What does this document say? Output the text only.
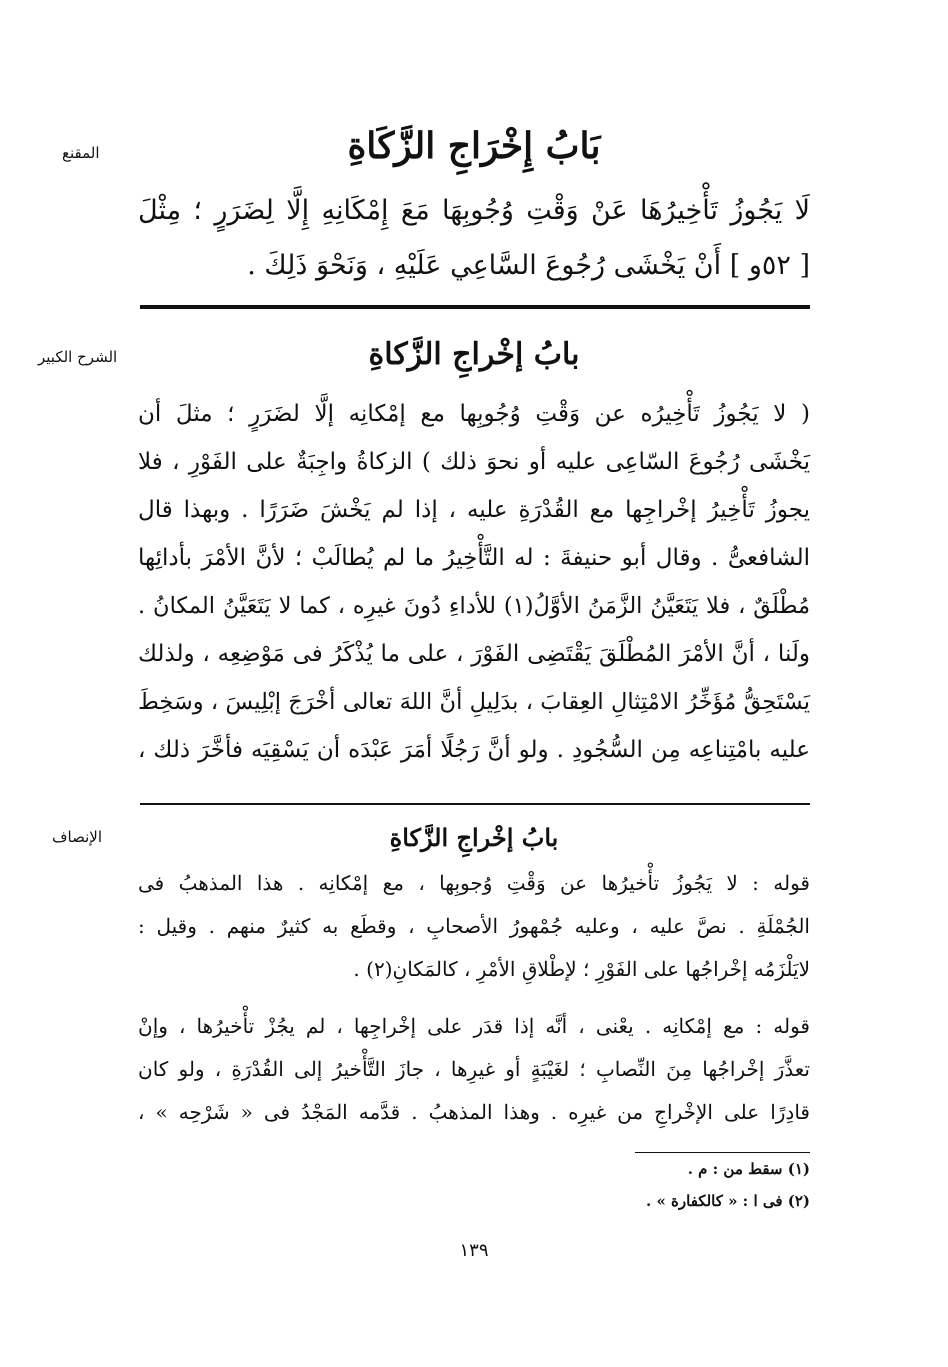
المقنع	بَابُ إِخْرَاجِ الزَّكَاةِ

لَا يَجُوزُ تَأْخِيرُهَا عَنْ وَقْتِ وُجُوبِهَا مَعَ إِمْكَانِهِ إِلَّا لِضَرَرٍ ؛ مِثْلَ

[ ٥٢و ] أَنْ يَخْشَى رُجُوعَ السَّاعِي عَلَيْهِ ، وَنَحْوَ ذَلِكَ .

الشرح الكبير	بابُ إخْراجِ الزَّكاةِ

( لا يَجُوزُ تَأْخِيرُه عن وَقْتِ وُجُوبِها مع إمْكانِه إلَّا لضَرَرٍ ؛ مثلَ أن

يَخْشَى رُجُوعَ السّاعِى عليه أو نحوَ ذلك ) الزكاةُ واجِبَةٌ على الفَوْرِ ، فلا

يجوزُ تَأْخِيرُ إخْراجِها مع القُدْرَةِ عليه ، إذا لم يَخْشَ ضَرَرًا . وبهذا قال

الشافعىُّ . وقال أبو حنيفةَ : له التَّأْخِيرُ ما لم يُطالَبْ ؛ لأنَّ الأمْرَ بأدائِها

مُطْلَقٌ ، فلا يَتَعَيَّنُ الزَّمَنُ الأوَّلُ(١) للأداءِ دُونَ غيرِه ، كما لا يَتَعَيَّنُ المكانُ .

ولَنا ، أنَّ الأمْرَ المُطْلَقَ يَقْتَضِى الفَوْرَ ، على ما يُذْكَرُ فى مَوْضِعِه ، ولذلك

يَسْتَحِقُّ مُؤَخِّرُ الامْتِثالِ العِقابَ ، بدَلِيلِ أنَّ اللهَ تعالى أخْرَجَ إبْلِيسَ ، وسَخِطَ

عليه بامْتِناعِه مِن السُّجُودِ . ولو أنَّ رَجُلًا أمَرَ عَبْدَه أن يَسْقِيَه فأخَّرَ ذلك ،

الإنصاف	بابُ إخْراجِ الزَّكاةِ

قوله : لا يَجُوزُ تأْخيرُها عن وَقْتِ وُجوبِها ، مع إمْكانِه . هذا المذهبُ فى

الجُمْلَةِ . نصَّ عليه ، وعليه جُمْهورُ الأصحابِ ، وقطَع به كثيرٌ منهم . وقيل :

لايَلْزَمُه إخْراجُها على الفَوْرِ ؛ لإطْلاقِ الأمْرِ ، كالمَكانِ(٢) .

قوله : مع إمْكانِه . يعْنى ، أنَّه إذا قدَر على إخْراجِها ، لم يجُزْ تأْخيرُها ، وإنْ

تعذَّرَ إخْراجُها مِنَ النِّصابِ ؛ لغَيْبَةٍ أو غيرِها ، جازَ التَّأْخيرُ إلى القُدْرَةِ ، ولو كان

قادِرًا على الإخْراجِ من غيرِه . وهذا المذهبُ . قدَّمه المَجْدُ فى « شَرْحِه » ،

(١) سقط من : م .

(٢) فى ا : « كالكفارة » .

١٣٩
